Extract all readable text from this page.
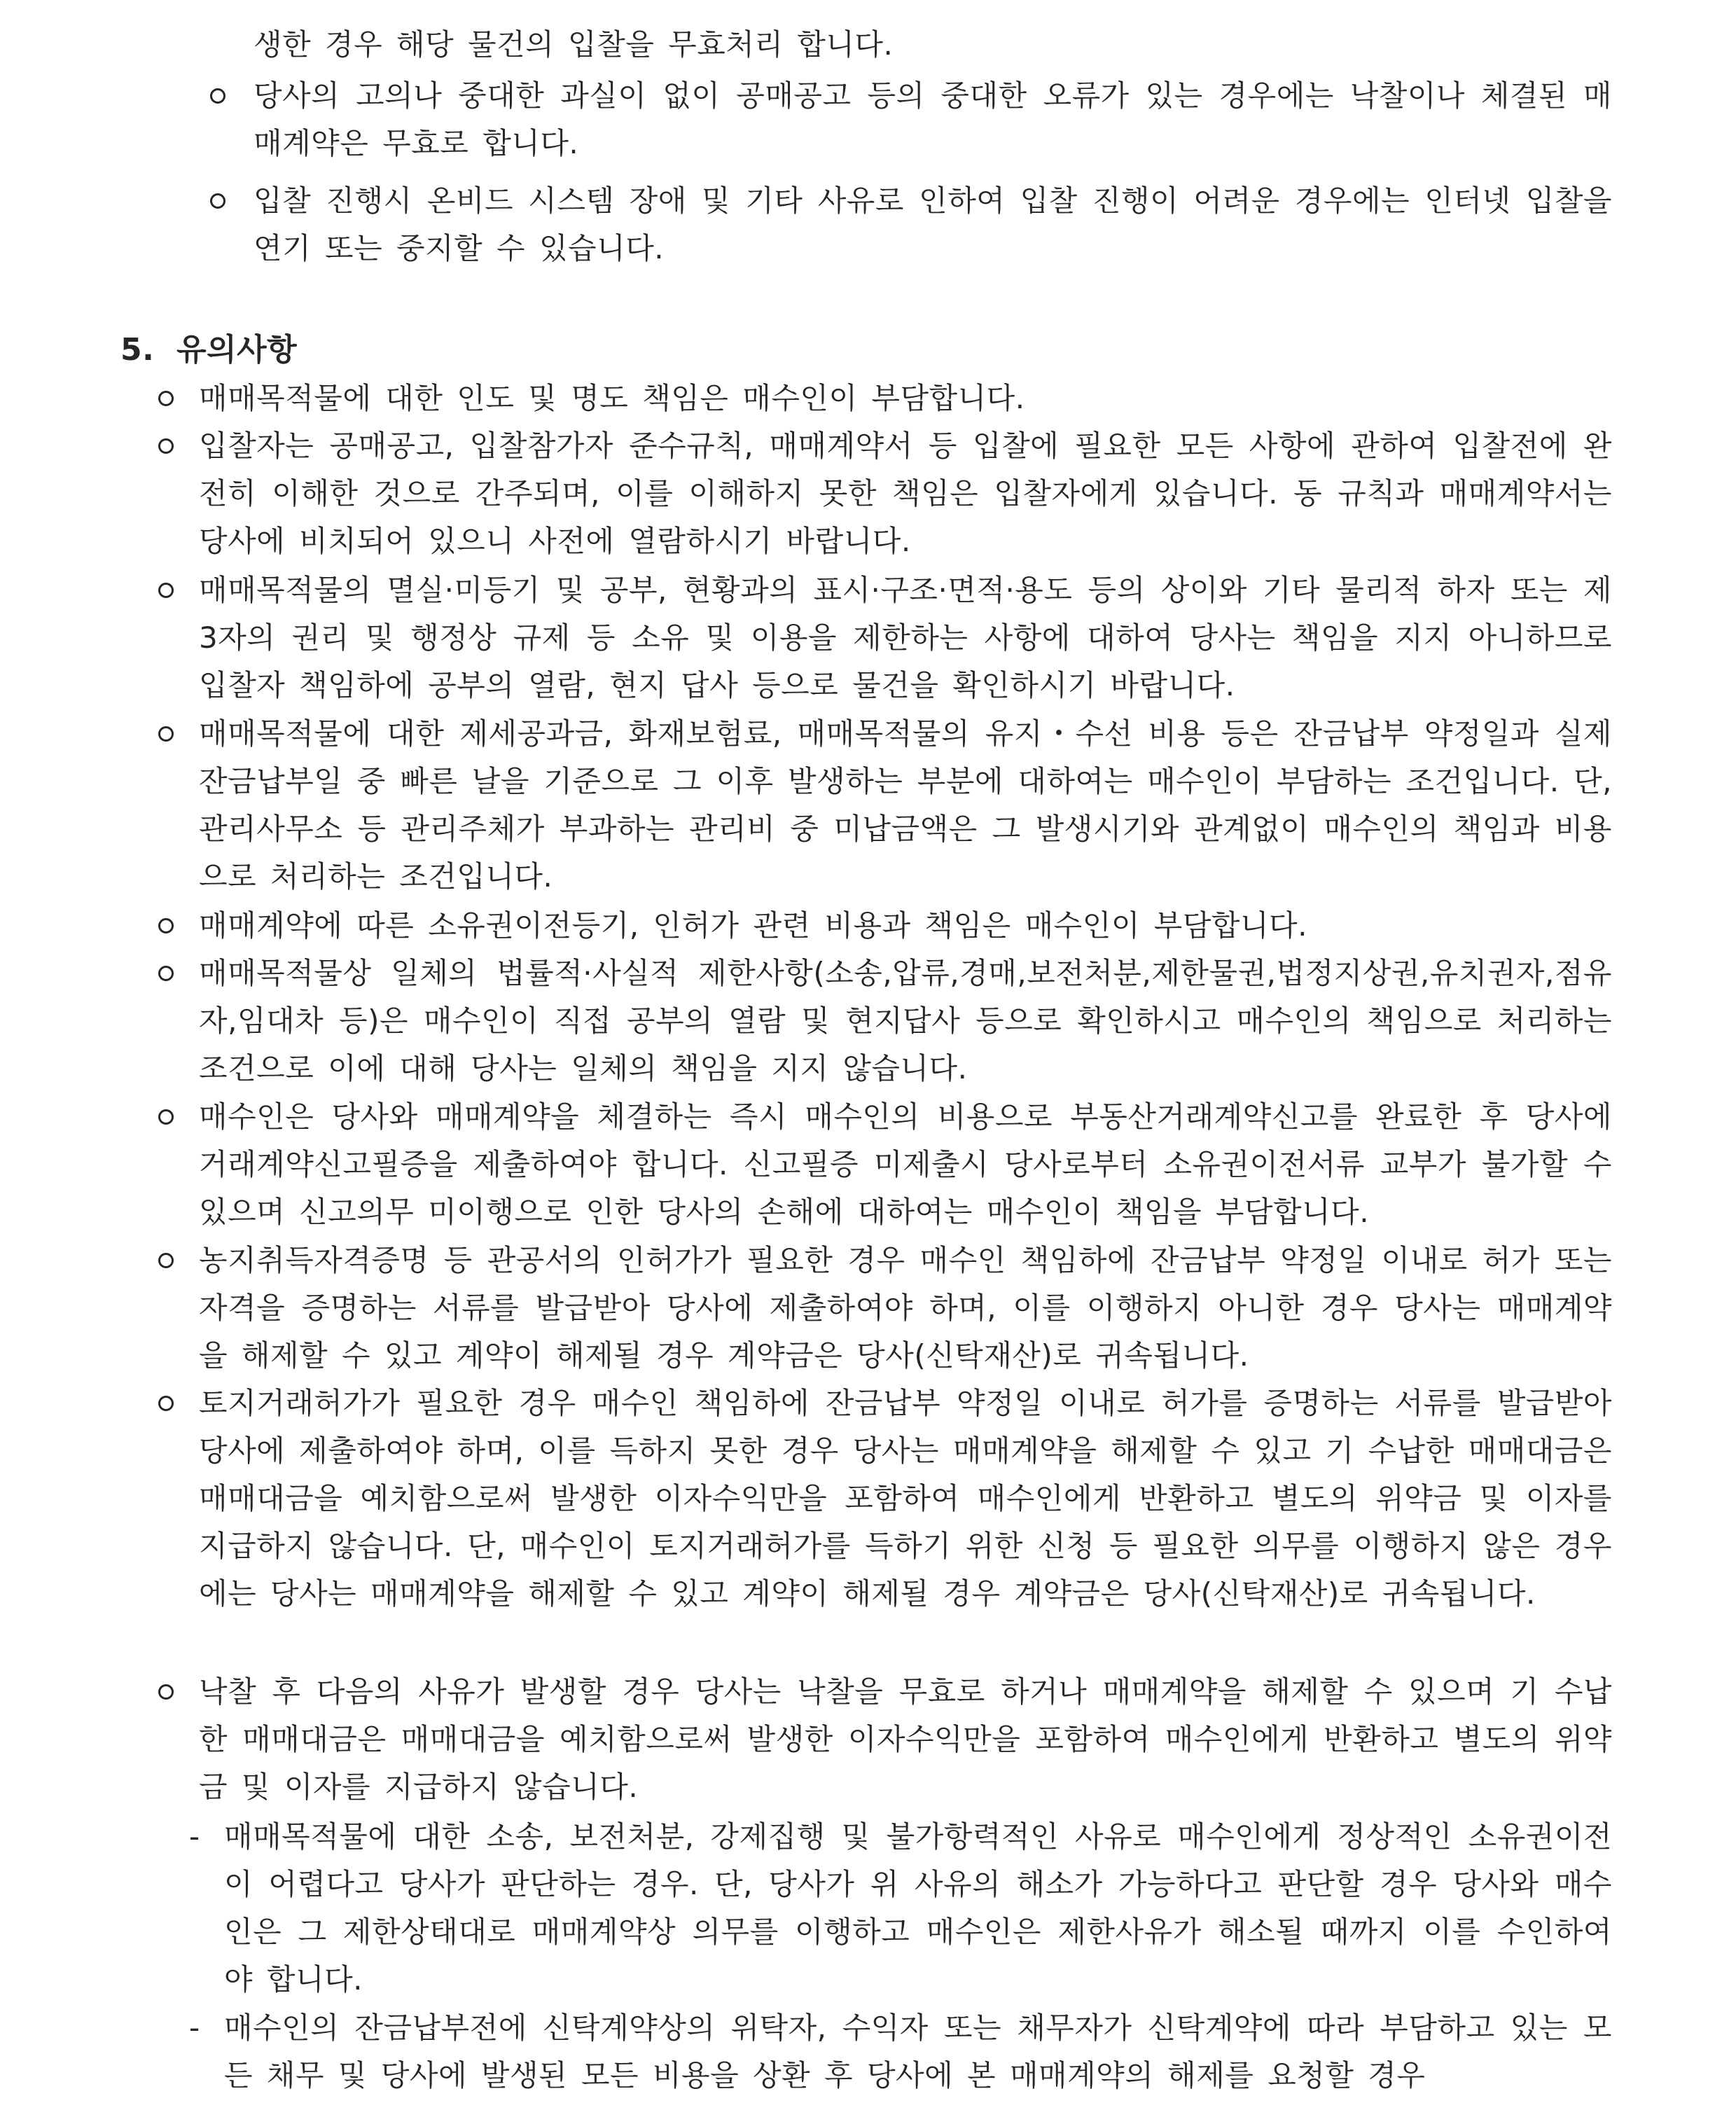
생한 경우 해당 물건의 입찰을 무효처리 합니다.
당사의 고의나 중대한 과실이 없이 공매공고 등의 중대한 오류가 있는 경우에는 낙찰이나 체결된 매매계약은 무효로 합니다.
입찰 진행시 온비드 시스템 장애 및 기타 사유로 인하여 입찰 진행이 어려운 경우에는 인터넷 입찰을 연기 또는 중지할 수 있습니다.
5. 유의사항
매매목적물에 대한 인도 및 명도 책임은 매수인이 부담합니다.
입찰자는 공매공고, 입찰참가자 준수규칙, 매매계약서 등 입찰에 필요한 모든 사항에 관하여 입찰전에 완전히 이해한 것으로 간주되며, 이를 이해하지 못한 책임은 입찰자에게 있습니다. 동 규칙과 매매계약서는 당사에 비치되어 있으니 사전에 열람하시기 바랍니다.
매매목적물의 멸실·미등기 및 공부, 현황과의 표시·구조·면적·용도 등의 상이와 기타 물리적 하자 또는 제3자의 권리 및 행정상 규제 등 소유 및 이용을 제한하는 사항에 대하여 당사는 책임을 지지 아니하므로 입찰자 책임하에 공부의 열람, 현지 답사 등으로 물건을 확인하시기 바랍니다.
매매목적물에 대한 제세공과금, 화재보험료, 매매목적물의 유지・수선 비용 등은 잔금납부 약정일과 실제 잔금납부일 중 빠른 날을 기준으로 그 이후 발생하는 부분에 대하여는 매수인이 부담하는 조건입니다. 단, 관리사무소 등 관리주체가 부과하는 관리비 중 미납금액은 그 발생시기와 관계없이 매수인의 책임과 비용으로 처리하는 조건입니다.
매매계약에 따른 소유권이전등기, 인허가 관련 비용과 책임은 매수인이 부담합니다.
매매목적물상 일체의 법률적·사실적 제한사항(소송,압류,경매,보전처분,제한물권,법정지상권,유치권자,점유자,임대차 등)은 매수인이 직접 공부의 열람 및 현지답사 등으로 확인하시고 매수인의 책임으로 처리하는 조건으로 이에 대해 당사는 일체의 책임을 지지 않습니다.
매수인은 당사와 매매계약을 체결하는 즉시 매수인의 비용으로 부동산거래계약신고를 완료한 후 당사에 거래계약신고필증을 제출하여야 합니다. 신고필증 미제출시 당사로부터 소유권이전서류 교부가 불가할 수 있으며 신고의무 미이행으로 인한 당사의 손해에 대하여는 매수인이 책임을 부담합니다.
농지취득자격증명 등 관공서의 인허가가 필요한 경우 매수인 책임하에 잔금납부 약정일 이내로 허가 또는 자격을 증명하는 서류를 발급받아 당사에 제출하여야 하며, 이를 이행하지 아니한 경우 당사는 매매계약을 해제할 수 있고 계약이 해제될 경우 계약금은 당사(신탁재산)로 귀속됩니다.
토지거래허가가 필요한 경우 매수인 책임하에 잔금납부 약정일 이내로 허가를 증명하는 서류를 발급받아 당사에 제출하여야 하며, 이를 득하지 못한 경우 당사는 매매계약을 해제할 수 있고 기 수납한 매매대금은 매매대금을 예치함으로써 발생한 이자수익만을 포함하여 매수인에게 반환하고 별도의 위약금 및 이자를 지급하지 않습니다. 단, 매수인이 토지거래허가를 득하기 위한 신청 등 필요한 의무를 이행하지 않은 경우에는 당사는 매매계약을 해제할 수 있고 계약이 해제될 경우 계약금은 당사(신탁재산)로 귀속됩니다.
낙찰 후 다음의 사유가 발생할 경우 당사는 낙찰을 무효로 하거나 매매계약을 해제할 수 있으며 기 수납한 매매대금은 매매대금을 예치함으로써 발생한 이자수익만을 포함하여 매수인에게 반환하고 별도의 위약금 및 이자를 지급하지 않습니다.
- 매매목적물에 대한 소송, 보전처분, 강제집행 및 불가항력적인 사유로 매수인에게 정상적인 소유권이전이 어렵다고 당사가 판단하는 경우. 단, 당사가 위 사유의 해소가 가능하다고 판단할 경우 당사와 매수인은 그 제한상태대로 매매계약상 의무를 이행하고 매수인은 제한사유가 해소될 때까지 이를 수인하여야 합니다.
- 매수인의 잔금납부전에 신탁계약상의 위탁자, 수익자 또는 채무자가 신탁계약에 따라 부담하고 있는 모든 채무 및 당사에 발생된 모든 비용을 상환 후 당사에 본 매매계약의 해제를 요청할 경우
